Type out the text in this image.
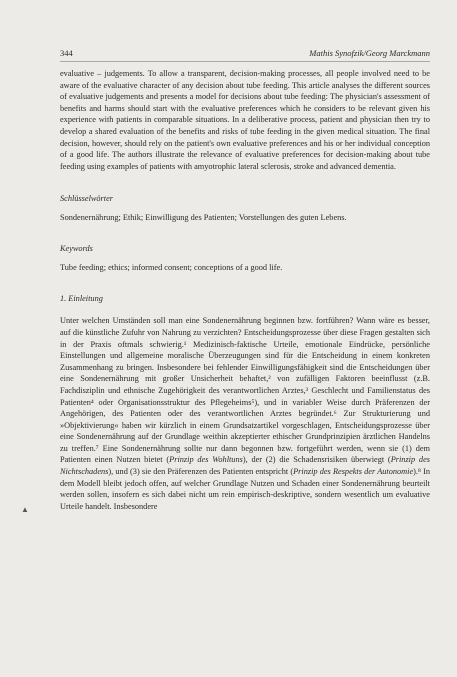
344	Mathis Synofzik/Georg Marckmann

evaluative – judgements. To allow a transparent, decision-making processes, all people involved need to be aware of the evaluative character of any decision about tube feeding. This article analyses the different sources of evaluative judgements and presents a model for decisions about tube feeding: The physician's assessment of benefits and harms should start with the evaluative preferences which he considers to be relevant given his experience with patients in comparable situations. In a deliberative process, patient and physician then try to develop a shared evaluation of the benefits and risks of tube feeding in the given medical situation. The final decision, however, should rely on the patient's own evaluative preferences and his or her individual conception of a good life. The authors illustrate the relevance of evaluative preferences for decision-making about tube feeding using examples of patients with amyotrophic lateral sclerosis, stroke and advanced dementia.

Schlüsselwörter

Sondenernährung; Ethik; Einwilligung des Patienten; Vorstellungen des guten Lebens.

Keywords

Tube feeding; ethics; informed consent; conceptions of a good life.

1. Einleitung

Unter welchen Umständen soll man eine Sondenernährung beginnen bzw. fortführen? Wann wäre es besser, auf die künstliche Zufuhr von Nahrung zu verzichten? Entscheidungsprozesse über diese Fragen gestalten sich in der Praxis oftmals schwierig.¹ Medizinisch-faktische Urteile, emotionale Eindrücke, persönliche Einstellungen und allgemeine moralische Überzeugungen sind für die Entscheidung in einem konkreten Zusammenhang zu bringen. Insbesondere bei fehlender Einwilligungsfähigkeit sind die Entscheidungen über eine Sondenernährung mit großer Unsicherheit behaftet,² von zufälligen Faktoren beeinflusst (z.B. Fachdisziplin und ethnische Zugehörigkeit des verantwortlichen Arztes,³ Geschlecht und Familienstatus des Patienten⁴ oder Organisationsstruktur des Pflegeheims⁵), und in variabler Weise durch Präferenzen der Angehörigen, des Patienten oder des verantwortlichen Arztes begründet.⁶ Zur Strukturierung und »Objektivierung« haben wir kürzlich in einem Grundsatzartikel vorgeschlagen, Entscheidungsprozesse über eine Sondenernährung auf der Grundlage weithin akzeptierter ethischer Grundprinzipien ärztlichen Handelns zu treffen.⁷ Eine Sondenernährung sollte nur dann begonnen bzw. fortgeführt werden, wenn sie (1) dem Patienten einen Nutzen bietet (Prinzip des Wohltuns), der (2) die Schadensrisiken überwiegt (Prinzip des Nichtschadens), und (3) sie den Präferenzen des Patienten entspricht (Prinzip des Respekts der Autonomie).⁸ In dem Modell bleibt jedoch offen, auf welcher Grundlage Nutzen und Schaden einer Sondenernährung beurteilt werden sollen, insofern es sich dabei nicht um rein empirisch-deskriptive, sondern wesentlich um evaluative Urteile handelt. Insbesondere

▲
